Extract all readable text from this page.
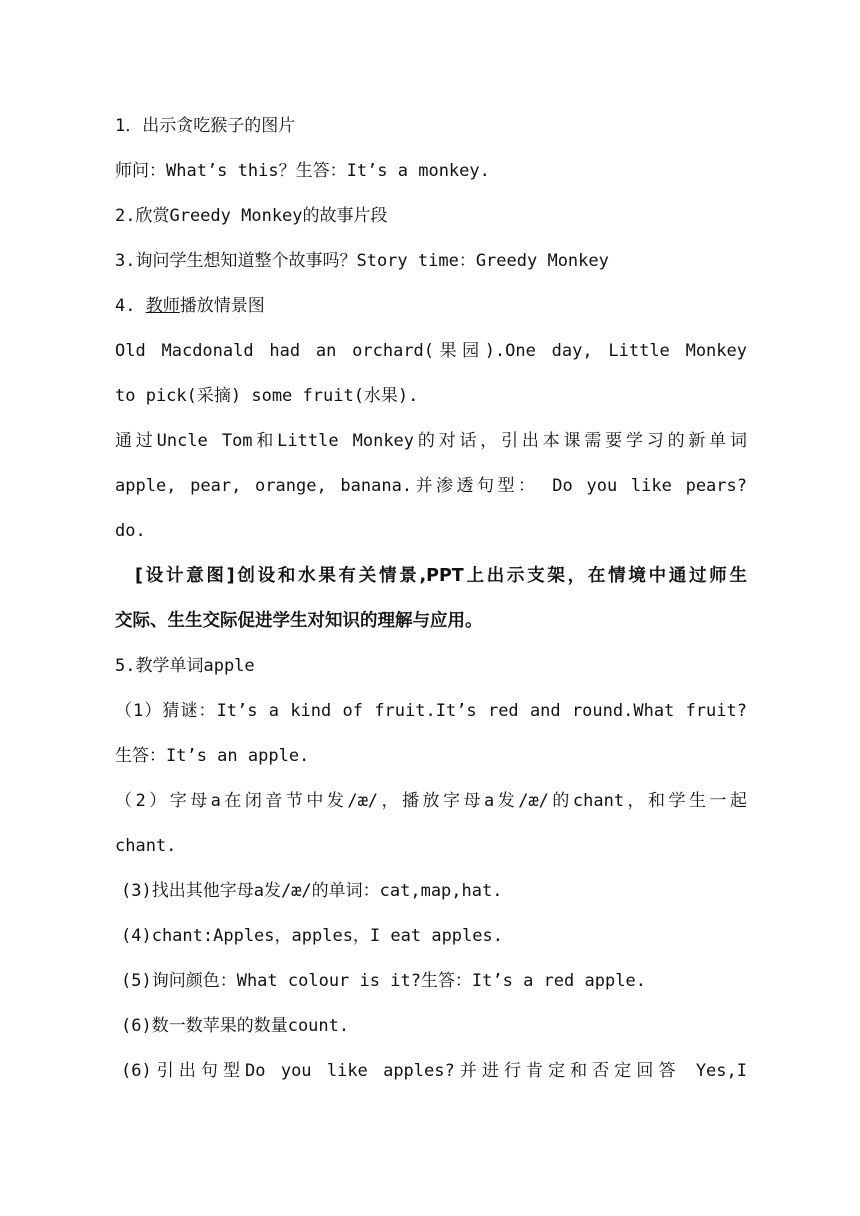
1．出示贪吃猴子的图片

师问：What’s this？生答：It’s a monkey.

2.欣赏Greedy Monkey的故事片段

3.询问学生想知道整个故事吗？Story time：Greedy Monkey

4. 教师播放情景图

Old Macdonald had an orchard(果园).One day, Little Monkey

to pick(采摘) some fruit(水果).

通过Uncle Tom和Little Monkey的对话，引出本课需要学习的新单词

apple, pear, orange, banana.并渗透句型： Do you like pears?

do.

[设计意图]创设和水果有关情景,PPT上出示支架，在情境中通过师生

交际、生生交际促进学生对知识的理解与应用。

5.教学单词apple

（1）猜谜：It’s a kind of fruit.It’s red and round.What fruit?

生答：It’s an apple.

（2）字母a在闭音节中发/æ/，播放字母a发/æ/的chant，和学生一起

chant.

(3)找出其他字母a发/æ/的单词：cat,map,hat.

(4)chant:Apples，apples，I eat apples.

(5)询问颜色：What colour is it?生答：It’s a red apple.

(6)数一数苹果的数量count.

(6)引出句型Do you like apples?并进行肯定和否定回答 Yes,I
